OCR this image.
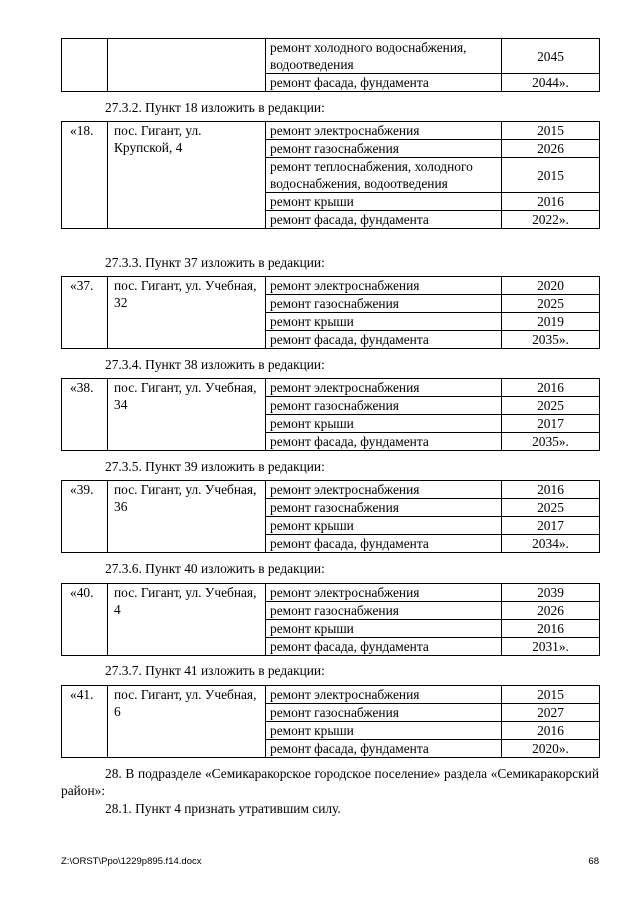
		ремонт холодного водоснабжения, водоотведения	2045
		ремонт фасада, фундамента	2044».
27.3.2. Пункт 18 изложить в редакции:
«18.	пос. Гигант, ул. Крупской, 4	ремонт электроснабжения	2015
		ремонт газоснабжения	2026
		ремонт теплоснабжения, холодного водоснабжения, водоотведения	2015
		ремонт крыши	2016
		ремонт фасада, фундамента	2022».
27.3.3. Пункт 37 изложить в редакции:
«37.	пос. Гигант, ул. Учебная, 32	ремонт электроснабжения	2020
		ремонт газоснабжения	2025
		ремонт крыши	2019
		ремонт фасада, фундамента	2035».
27.3.4. Пункт 38 изложить в редакции:
«38.	пос. Гигант, ул. Учебная, 34	ремонт электроснабжения	2016
		ремонт газоснабжения	2025
		ремонт крыши	2017
		ремонт фасада, фундамента	2035».
27.3.5. Пункт 39 изложить в редакции:
«39.	пос. Гигант, ул. Учебная, 36	ремонт электроснабжения	2016
		ремонт газоснабжения	2025
		ремонт крыши	2017
		ремонт фасада, фундамента	2034».
27.3.6. Пункт 40 изложить в редакции:
«40.	пос. Гигант, ул. Учебная, 4	ремонт электроснабжения	2039
		ремонт газоснабжения	2026
		ремонт крыши	2016
		ремонт фасада, фундамента	2031».
27.3.7. Пункт 41 изложить в редакции:
«41.	пос. Гигант, ул. Учебная, 6	ремонт электроснабжения	2015
		ремонт газоснабжения	2027
		ремонт крыши	2016
		ремонт фасада, фундамента	2020».
28. В подразделе «Семикаракорское городское поселение» раздела «Семикаракорский район»:
28.1. Пункт 4 признать утратившим силу.
Z:\ORST\Ppo\1229p895.f14.docx	68
